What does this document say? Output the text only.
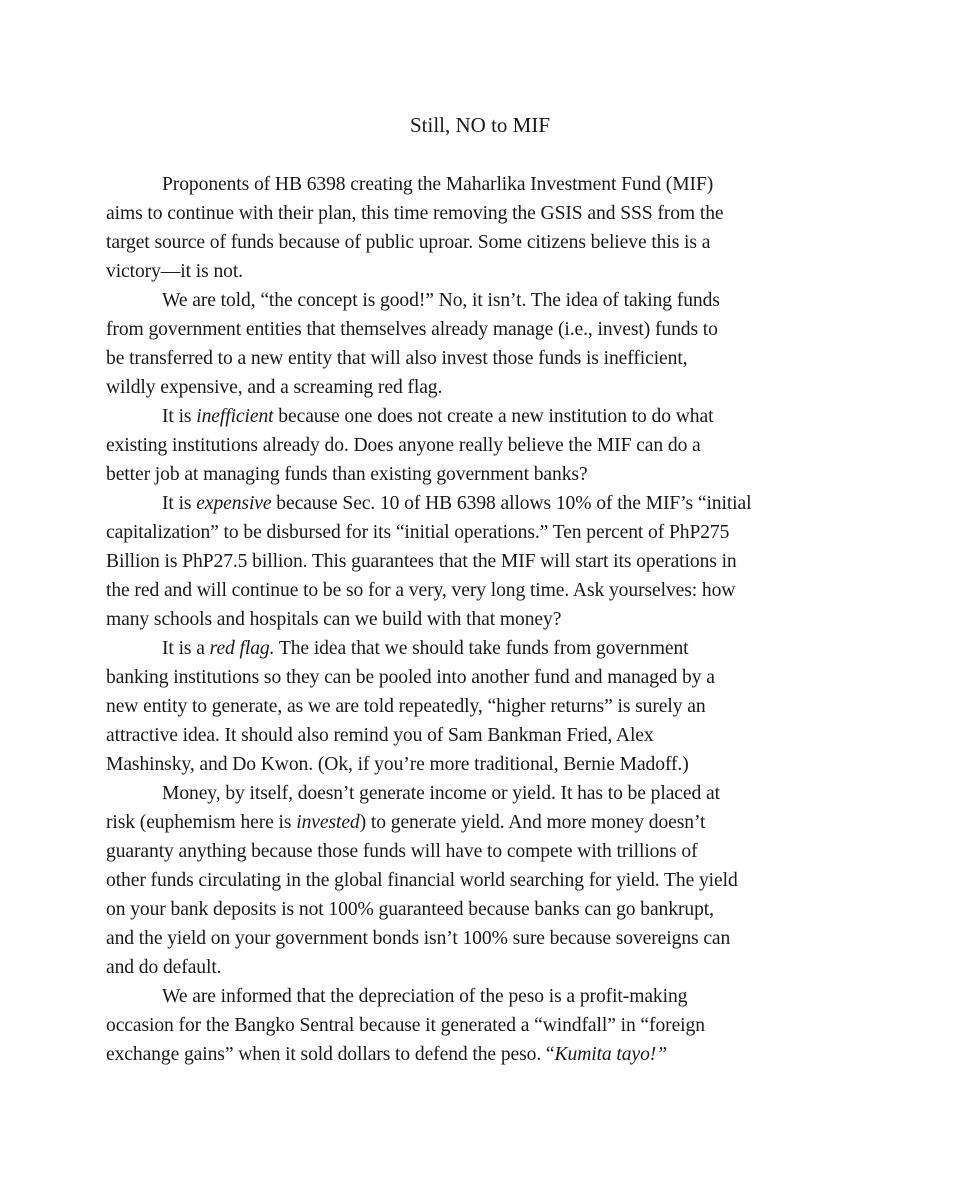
Still, NO to MIF

Proponents of HB 6398 creating the Maharlika Investment Fund (MIF)
aims to continue with their plan, this time removing the GSIS and SSS from the
target source of funds because of public uproar. Some citizens believe this is a
victory—it is not.

We are told, “the concept is good!” No, it isn’t. The idea of taking funds
from government entities that themselves already manage (i.e., invest) funds to
be transferred to a new entity that will also invest those funds is inefficient,
wildly expensive, and a screaming red flag.

It is inefficient because one does not create a new institution to do what
existing institutions already do. Does anyone really believe the MIF can do a
better job at managing funds than existing government banks?

It is expensive because Sec. 10 of HB 6398 allows 10% of the MIF’s “initial
capitalization” to be disbursed for its “initial operations.” Ten percent of PhP275
Billion is PhP27.5 billion. This guarantees that the MIF will start its operations in
the red and will continue to be so for a very, very long time. Ask yourselves: how
many schools and hospitals can we build with that money?

It is a red flag. The idea that we should take funds from government
banking institutions so they can be pooled into another fund and managed by a
new entity to generate, as we are told repeatedly, “higher returns” is surely an
attractive idea. It should also remind you of Sam Bankman Fried, Alex
Mashinsky, and Do Kwon. (Ok, if you’re more traditional, Bernie Madoff.)

Money, by itself, doesn’t generate income or yield. It has to be placed at
risk (euphemism here is invested) to generate yield. And more money doesn’t
guaranty anything because those funds will have to compete with trillions of
other funds circulating in the global financial world searching for yield. The yield
on your bank deposits is not 100% guaranteed because banks can go bankrupt,
and the yield on your government bonds isn’t 100% sure because sovereigns can
and do default.

We are informed that the depreciation of the peso is a profit-making
occasion for the Bangko Sentral because it generated a “windfall” in “foreign
exchange gains” when it sold dollars to defend the peso. “Kumita tayo!”
